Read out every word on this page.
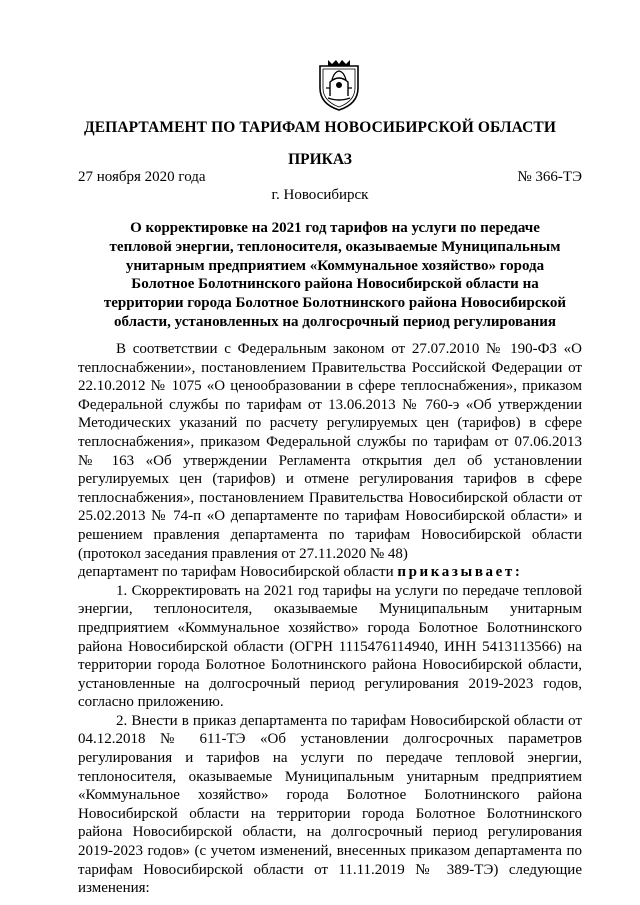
ДЕПАРТАМЕНТ ПО ТАРИФАМ НОВОСИБИРСКОЙ ОБЛАСТИ
ПРИКАЗ
27 ноября 2020 года	№ 366-ТЭ
г. Новосибирск
О корректировке на 2021 год тарифов на услуги по передаче тепловой энергии, теплоносителя, оказываемые Муниципальным унитарным предприятием «Коммунальное хозяйство» города Болотное Болотнинского района Новосибирской области на территории города Болотное Болотнинского района Новосибирской области, установленных на долгосрочный период регулирования

В соответствии с Федеральным законом от 27.07.2010 № 190-ФЗ «О теплоснабжении», постановлением Правительства Российской Федерации от 22.10.2012 № 1075 «О ценообразовании в сфере теплоснабжения», приказом Федеральной службы по тарифам от 13.06.2013 № 760-э «Об утверждении Методических указаний по расчету регулируемых цен (тарифов) в сфере теплоснабжения», приказом Федеральной службы по тарифам от 07.06.2013 № 163 «Об утверждении Регламента открытия дел об установлении регулируемых цен (тарифов) и отмене регулирования тарифов в сфере теплоснабжения», постановлением Правительства Новосибирской области от 25.02.2013 № 74-п «О департаменте по тарифам Новосибирской области» и решением правления департамента по тарифам Новосибирской области (протокол заседания правления от 27.11.2020 № 48)

департамент по тарифам Новосибирской области приказывает:

1. Скорректировать на 2021 год тарифы на услуги по передаче тепловой энергии, теплоносителя, оказываемые Муниципальным унитарным предприятием «Коммунальное хозяйство» города Болотное Болотнинского района Новосибирской области (ОГРН 1115476114940, ИНН 5413113566) на территории города Болотное Болотнинского района Новосибирской области, установленные на долгосрочный период регулирования 2019-2023 годов, согласно приложению.

2. Внести в приказ департамента по тарифам Новосибирской области от 04.12.2018 № 611-ТЭ «Об установлении долгосрочных параметров регулирования и тарифов на услуги по передаче тепловой энергии, теплоносителя, оказываемые Муниципальным унитарным предприятием «Коммунальное хозяйство» города Болотное Болотнинского района Новосибирской области на территории города Болотное Болотнинского района Новосибирской области, на долгосрочный период регулирования 2019-2023 годов» (с учетом изменений, внесенных приказом департамента по тарифам Новосибирской области от 11.11.2019 № 389-ТЭ) следующие изменения:
